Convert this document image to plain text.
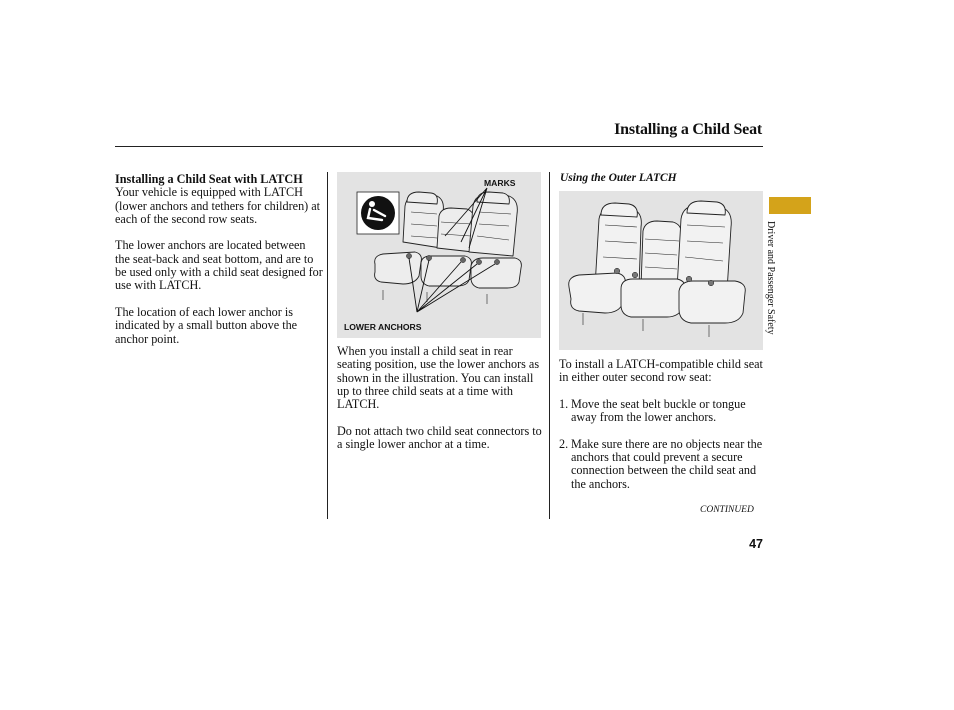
Installing a Child Seat
Installing a Child Seat with LATCH

Your vehicle is equipped with LATCH (lower anchors and tethers for children) at each of the second row seats.

The lower anchors are located between the seat-back and seat bottom, and are to be used only with a child seat designed for use with LATCH.

The location of each lower anchor is indicated by a small button above the anchor point.

MARKS
LOWER ANCHORS

When you install a child seat in rear seating position, use the lower anchors as shown in the illustration. You can install up to three child seats at a time with LATCH.

Do not attach two child seat connectors to a single lower anchor at a time.

Using the Outer LATCH

To install a LATCH-compatible child seat in either outer second row seat:

1. Move the seat belt buckle or tongue away from the lower anchors.
2. Make sure there are no objects near the anchors that could prevent a secure connection between the child seat and the anchors.
CONTINUED
47
Driver and Passenger Safety
